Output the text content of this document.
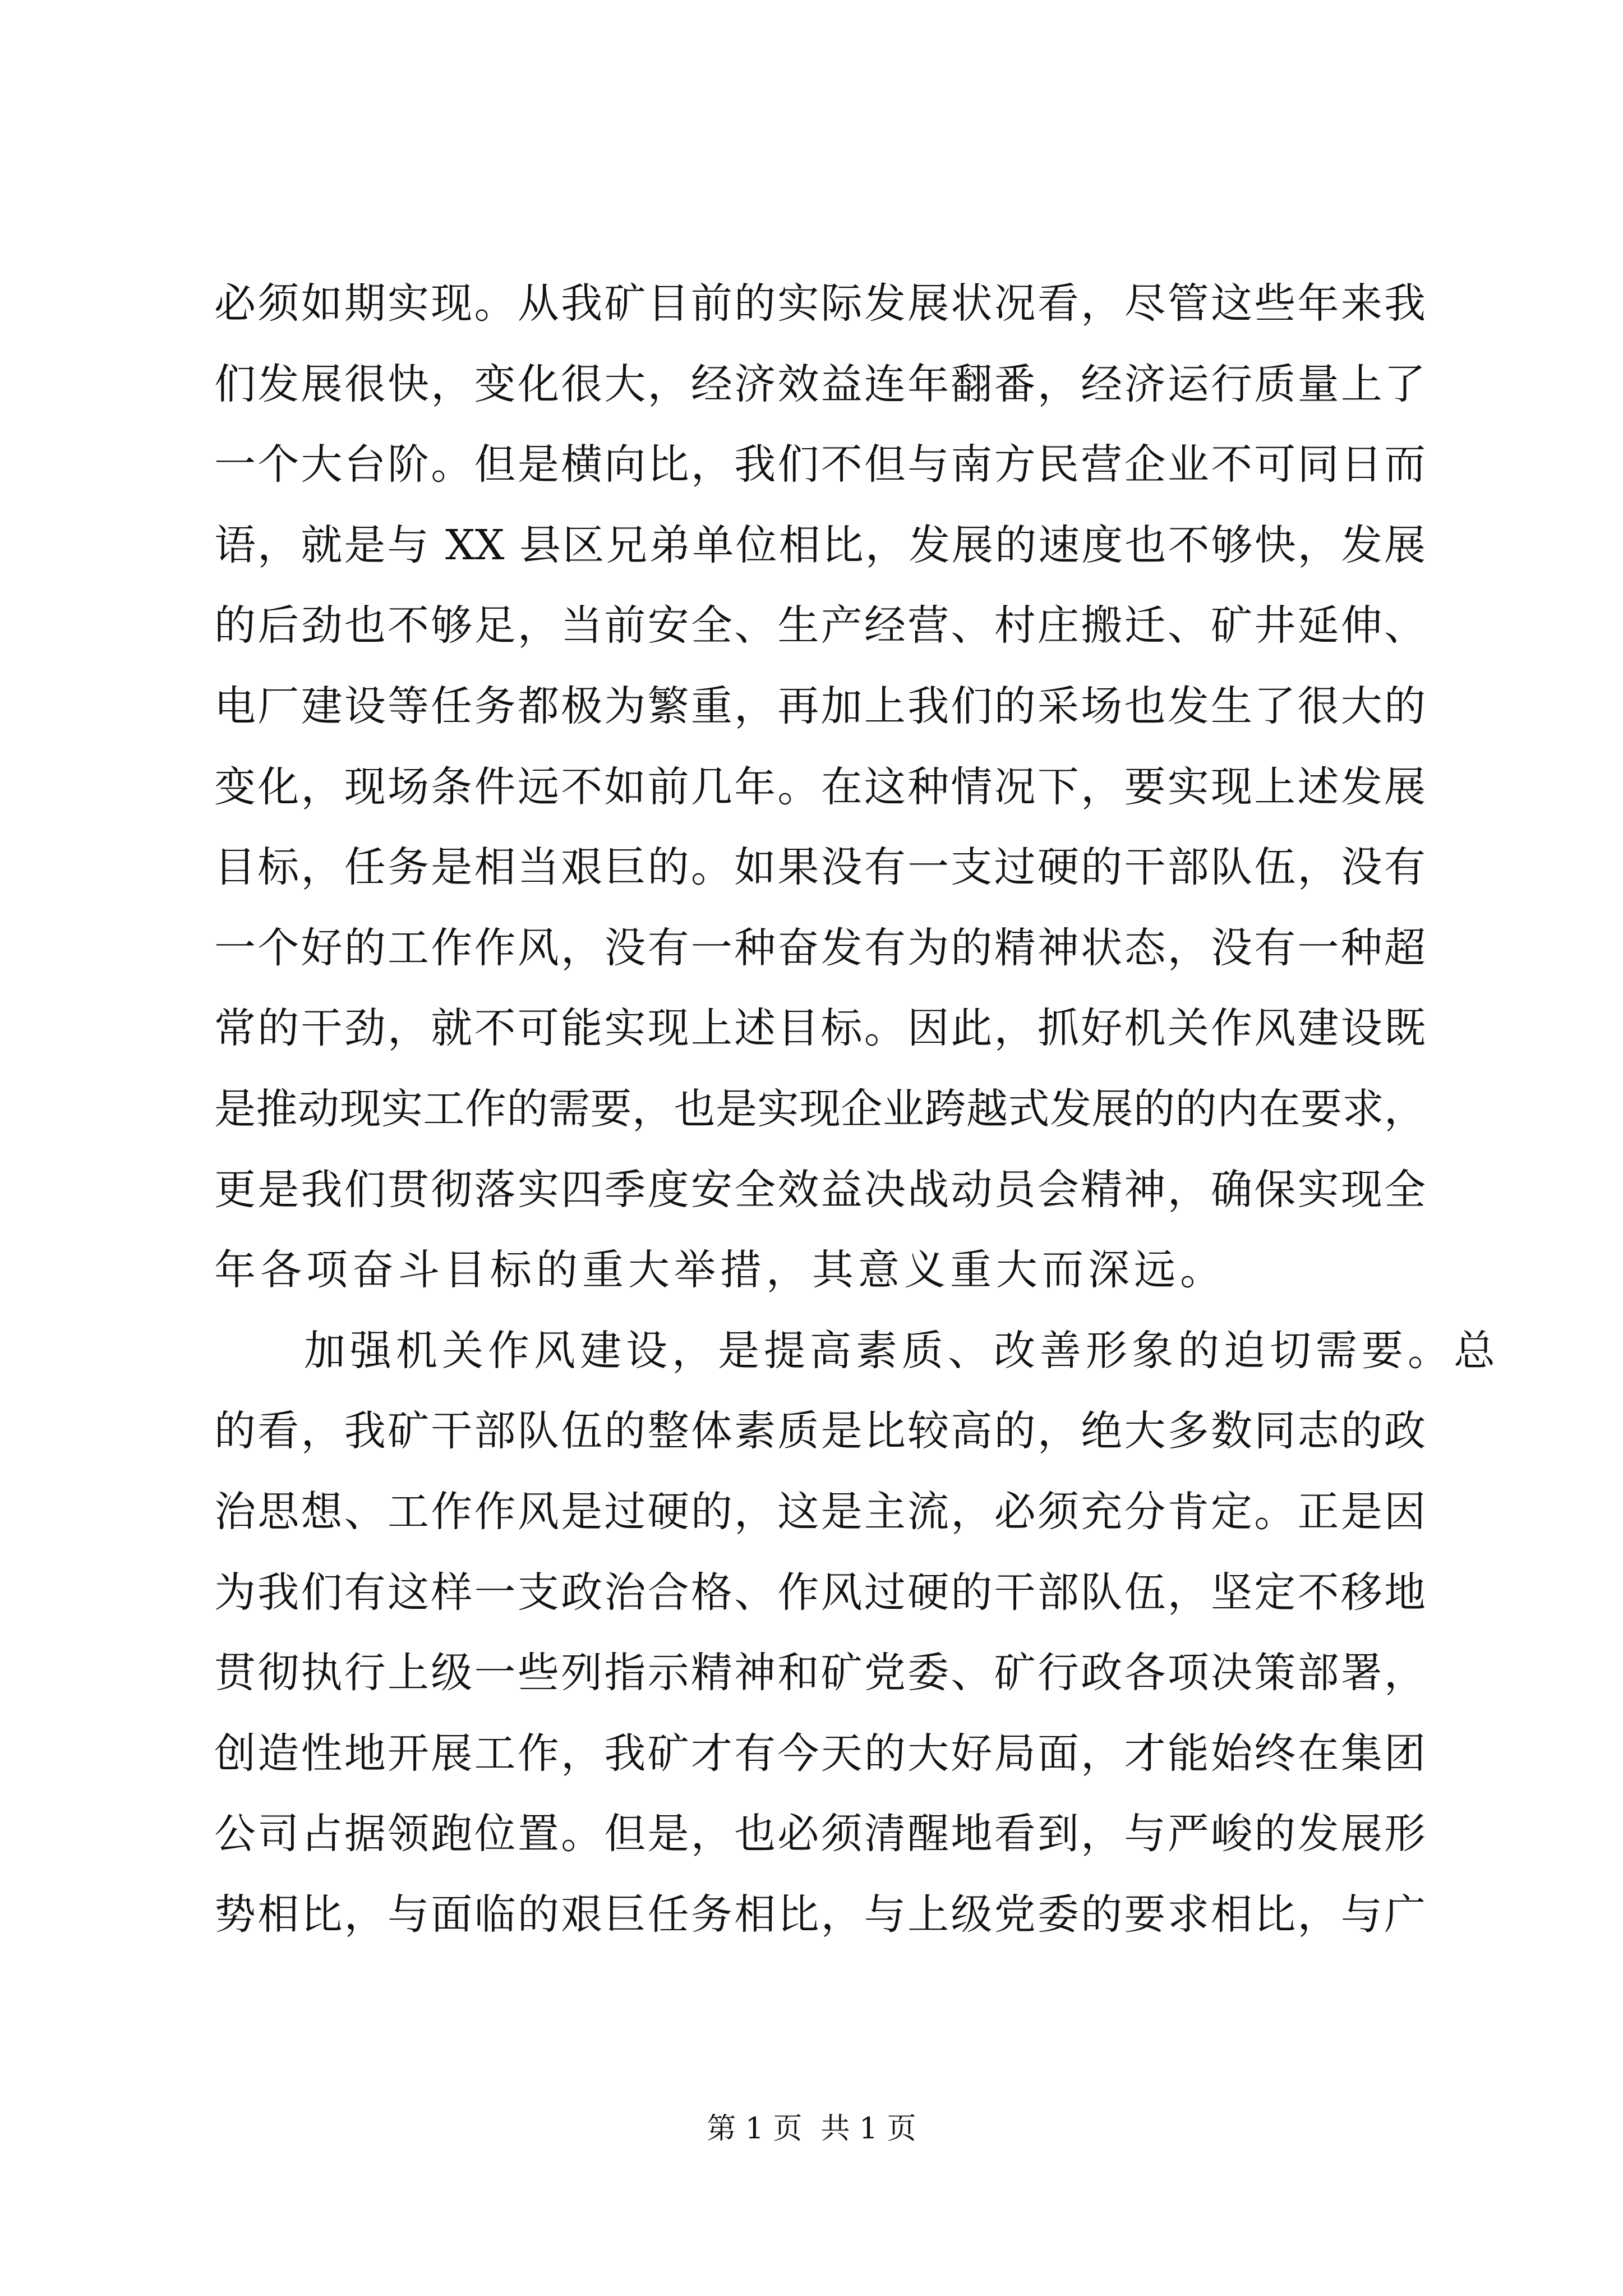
必须如期实现。从我矿目前的实际发展状况看，尽管这些年来我
们发展很快，变化很大，经济效益连年翻番，经济运行质量上了
一个大台阶。但是横向比，我们不但与南方民营企业不可同日而
语，就是与 XX 县区兄弟单位相比，发展的速度也不够快，发展
的后劲也不够足，当前安全、生产经营、村庄搬迁、矿井延伸、
电厂建设等任务都极为繁重，再加上我们的采场也发生了很大的
变化，现场条件远不如前几年。在这种情况下，要实现上述发展
目标，任务是相当艰巨的。如果没有一支过硬的干部队伍，没有
一个好的工作作风，没有一种奋发有为的精神状态，没有一种超
常的干劲，就不可能实现上述目标。因此，抓好机关作风建设既
是推动现实工作的需要，也是实现企业跨越式发展的的内在要求，
更是我们贯彻落实四季度安全效益决战动员会精神，确保实现全
年各项奋斗目标的重大举措，其意义重大而深远。
加强机关作风建设，是提高素质、改善形象的迫切需要。总
的看，我矿干部队伍的整体素质是比较高的，绝大多数同志的政
治思想、工作作风是过硬的，这是主流，必须充分肯定。正是因
为我们有这样一支政治合格、作风过硬的干部队伍，坚定不移地
贯彻执行上级一些列指示精神和矿党委、矿行政各项决策部署，
创造性地开展工作，我矿才有今天的大好局面，才能始终在集团
公司占据领跑位置。但是，也必须清醒地看到，与严峻的发展形
势相比，与面临的艰巨任务相比，与上级党委的要求相比，与广
第 1 页  共 1 页
